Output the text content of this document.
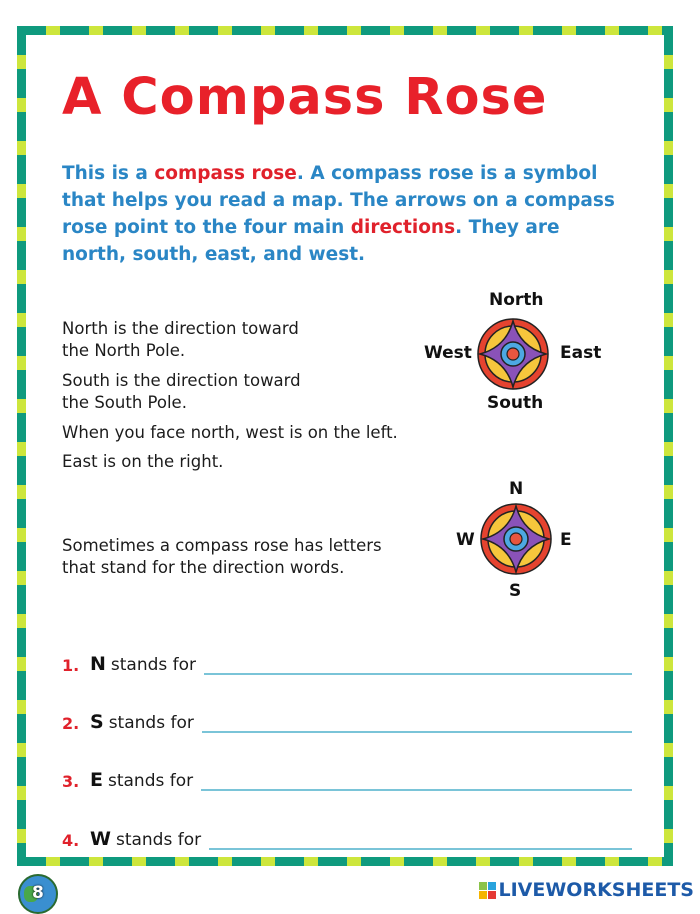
A Compass Rose

This is a compass rose. A compass rose is a symbol that helps you read a map. The arrows on a compass rose point to the four main directions. They are north, south, east, and west.

North is the direction toward
the North Pole.

South is the direction toward
the South Pole.

When you face north, west is on the left.

East is on the right.

Sometimes a compass rose has letters
that stand for the direction words.

North
South
West	East
N
S
W	E
1. N stands for
2. S stands for
3. E stands for
4. W stands for
8	LIVEWORKSHEETS
